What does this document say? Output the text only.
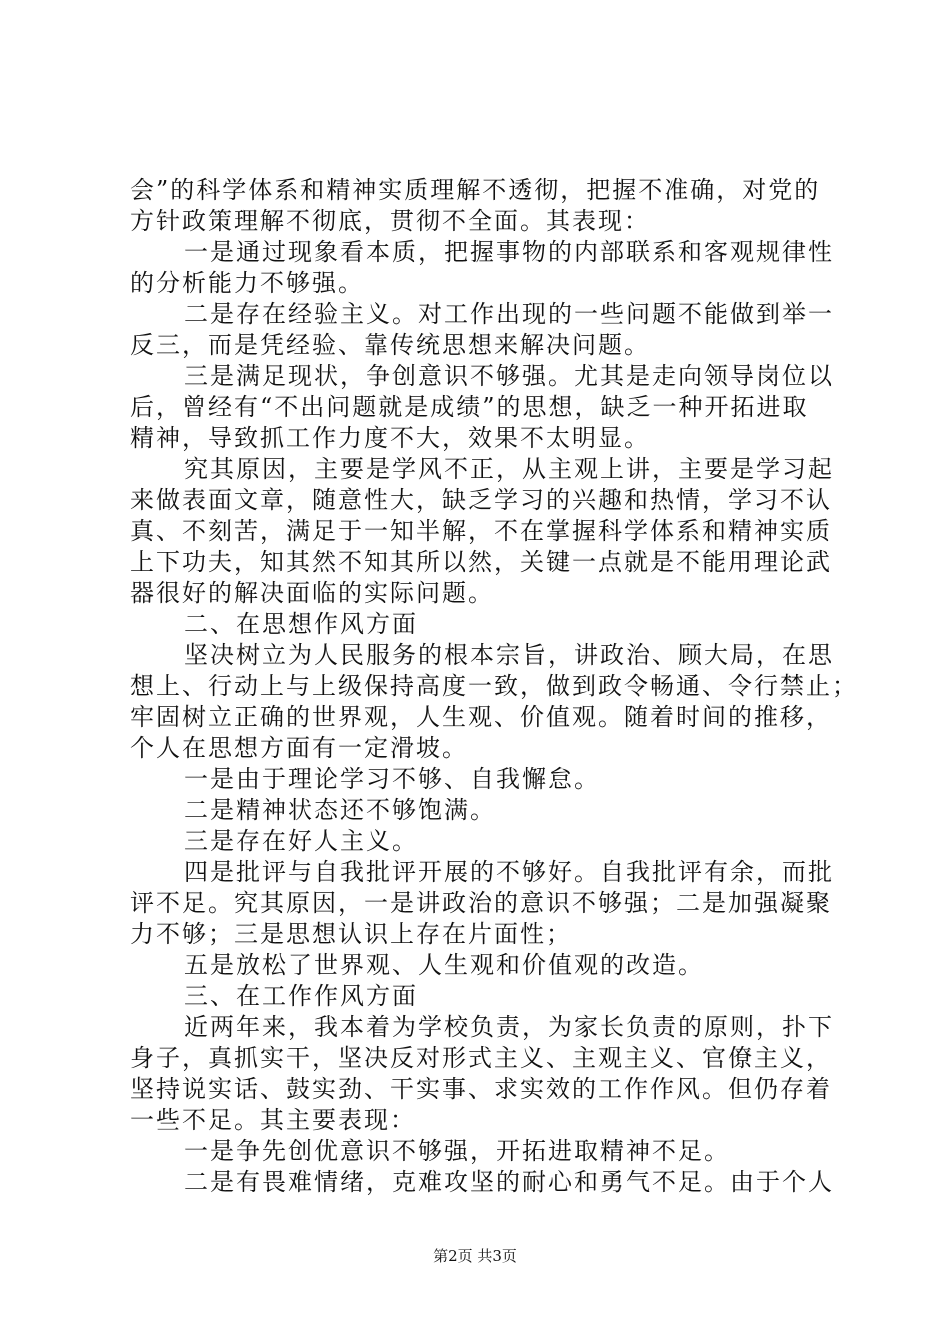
会”的科学体系和精神实质理解不透彻，把握不准确，对党的
方针政策理解不彻底，贯彻不全面。其表现：
一是通过现象看本质，把握事物的内部联系和客观规律性
的分析能力不够强。
二是存在经验主义。对工作出现的一些问题不能做到举一
反三，而是凭经验、靠传统思想来解决问题。
三是满足现状，争创意识不够强。尤其是走向领导岗位以
后，曾经有“不出问题就是成绩”的思想，缺乏一种开拓进取
精神，导致抓工作力度不大，效果不太明显。
究其原因，主要是学风不正，从主观上讲，主要是学习起
来做表面文章，随意性大，缺乏学习的兴趣和热情，学习不认
真、不刻苦，满足于一知半解，不在掌握科学体系和精神实质
上下功夫，知其然不知其所以然，关键一点就是不能用理论武
器很好的解决面临的实际问题。
二、在思想作风方面
坚决树立为人民服务的根本宗旨，讲政治、顾大局，在思
想上、行动上与上级保持高度一致，做到政令畅通、令行禁止；
牢固树立正确的世界观，人生观、价值观。随着时间的推移，
个人在思想方面有一定滑坡。
一是由于理论学习不够、自我懈怠。
二是精神状态还不够饱满。
三是存在好人主义。
四是批评与自我批评开展的不够好。自我批评有余，而批
评不足。究其原因，一是讲政治的意识不够强；二是加强凝聚
力不够；三是思想认识上存在片面性；
五是放松了世界观、人生观和价值观的改造。
三、在工作作风方面
近两年来，我本着为学校负责，为家长负责的原则，扑下
身子，真抓实干，坚决反对形式主义、主观主义、官僚主义，
坚持说实话、鼓实劲、干实事、求实效的工作作风。但仍存着
一些不足。其主要表现：
一是争先创优意识不够强，开拓进取精神不足。
二是有畏难情绪，克难攻坚的耐心和勇气不足。由于个人
第2页 共3页
